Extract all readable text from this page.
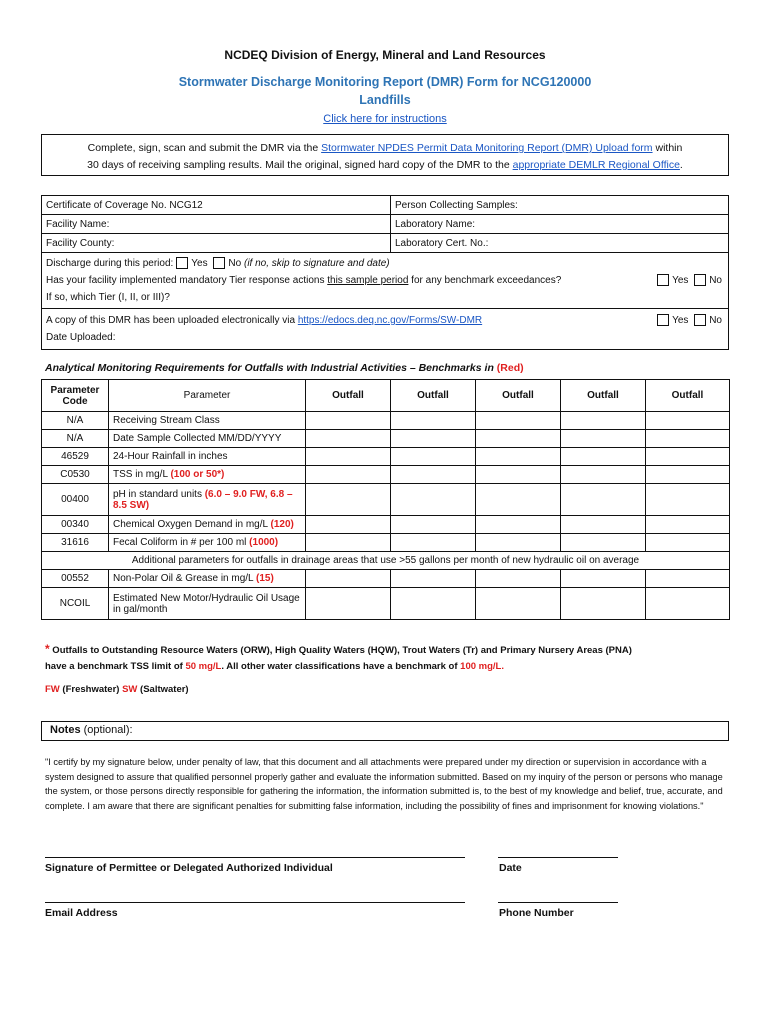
NCDEQ Division of Energy, Mineral and Land Resources
Stormwater Discharge Monitoring Report (DMR) Form for NCG120000
Landfills
Click here for instructions
Complete, sign, scan and submit the DMR via the Stormwater NPDES Permit Data Monitoring Report (DMR) Upload form within
30 days of receiving sampling results. Mail the original, signed hard copy of the DMR to the appropriate DEMLR Regional Office.
Certificate of Coverage No. NCG12	Person Collecting Samples:
Facility Name:	Laboratory Name:
Facility County:	Laboratory Cert. No.:
Discharge during this period: Yes No (if no, skip to signature and date)
Has your facility implemented mandatory Tier response actions this sample period for any benchmark exceedances?	Yes No
If so, which Tier (I, II, or III)?
A copy of this DMR has been uploaded electronically via https://edocs.deq.nc.gov/Forms/SW-DMR	Yes No
Date Uploaded:
Analytical Monitoring Requirements for Outfalls with Industrial Activities – Benchmarks in (Red)
Parameter Code	Parameter	Outfall	Outfall	Outfall	Outfall	Outfall
N/A	Receiving Stream Class					
N/A	Date Sample Collected MM/DD/YYYY					
46529	24-Hour Rainfall in inches					
C0530	TSS in mg/L (100 or 50*)					
00400	pH in standard units (6.0 – 9.0 FW, 6.8 – 8.5 SW)					
00340	Chemical Oxygen Demand in mg/L (120)					
31616	Fecal Coliform in # per 100 ml (1000)					
Additional parameters for outfalls in drainage areas that use >55 gallons per month of new hydraulic oil on average						
00552	Non-Polar Oil & Grease in mg/L (15)					
NCOIL	Estimated New Motor/Hydraulic Oil Usage in gal/month					
* Outfalls to Outstanding Resource Waters (ORW), High Quality Waters (HQW), Trout Waters (Tr) and Primary Nursery Areas (PNA)
have a benchmark TSS limit of 50 mg/L. All other water classifications have a benchmark of 100 mg/L.
FW (Freshwater) SW (Saltwater)
Notes (optional):
"I certify by my signature below, under penalty of law, that this document and all attachments were prepared under my direction or supervision in accordance with a system designed to assure that qualified personnel properly gather and evaluate the information submitted. Based on my inquiry of the person or persons who manage the system, or those persons directly responsible for gathering the information, the information submitted is, to the best of my knowledge and belief, true, accurate, and complete. I am aware that there are significant penalties for submitting false information, including the possibility of fines and imprisonment for knowing violations."
Signature of Permittee or Delegated Authorized Individual	Date
Email Address	Phone Number
